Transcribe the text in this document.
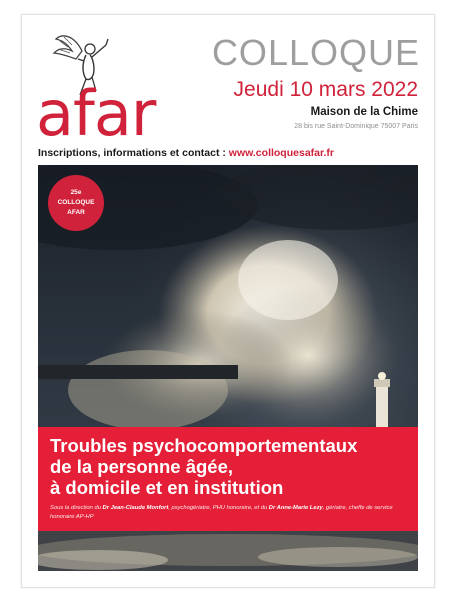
afar
COLLOQUE
Jeudi 10 mars 2022
Maison de la Chime
28 bis rue Saint-Dominique 75007 Paris
Inscriptions, informations et contact : www.colloquesafar.fr
25e
COLLOQUE
AFAR
Troubles psychocomportementaux
de la personne âgée,
à domicile et en institution
Sous la direction du Dr Jean-Claude Monfort, psychogériatre, PHU honoraire, et du Dr Anne-Marie Lezy, gériatre, cheffe de service honoraire AP-HP
